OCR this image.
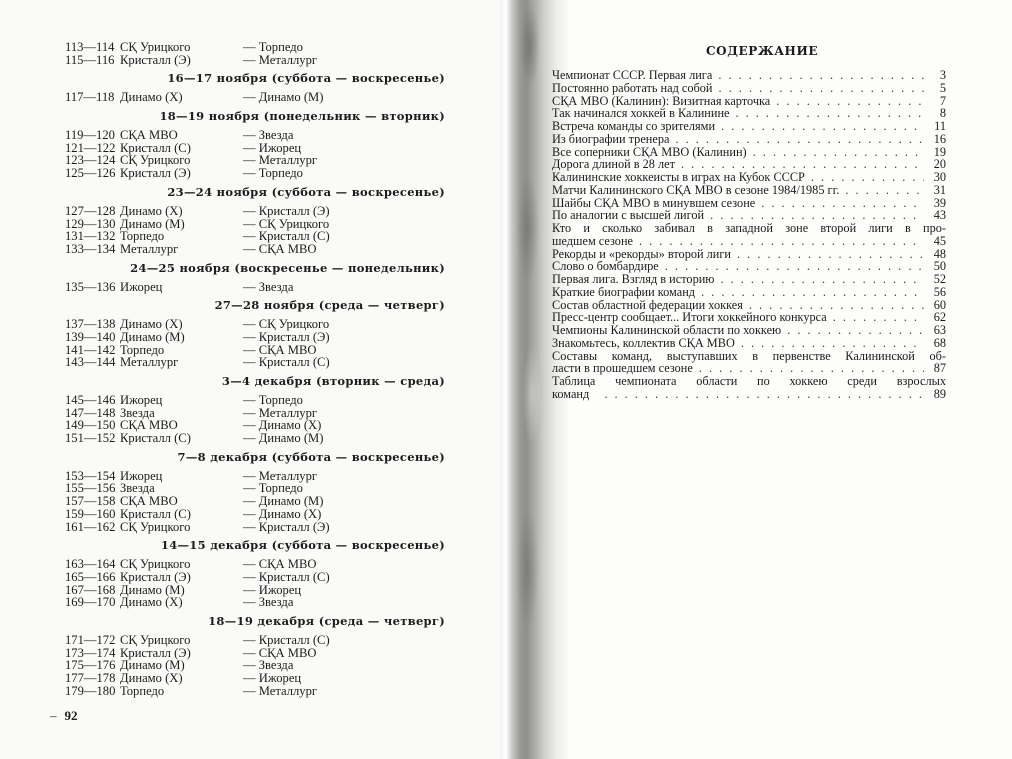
113—114 СҚ Урицкого	— Торпедо
115—116 Кристалл (Э)	— Металлург
16—17 ноября (суббота — воскресенье)
117—118 Динамо (Х)	— Динамо (М)
18—19 ноября (понедельник — вторник)
119—120 СҚА МВО	— Звезда
121—122 Кристалл (С)	— Ижорец
123—124 СҚ Урицкого	— Металлург
125—126 Кристалл (Э)	— Торпедо
23—24 ноября (суббота — воскресенье)
127—128 Динамо (Х)	— Кристалл (Э)
129—130 Динамо (М)	— СҚ Урицкого
131—132 Торпедо	— Кристалл (С)
133—134 Металлург	— СҚА МВО
24—25 ноября (воскресенье — понедельник)
135—136 Ижорец	— Звезда
27—28 ноября (среда — четверг)
137—138 Динамо (Х)	— СҚ Урицкого
139—140 Динамо (М)	— Кристалл (Э)
141—142 Торпедо	— СҚА МВО
143—144 Металлург	— Кристалл (С)
3—4 декабря (вторник — среда)
145—146 Ижорец	— Торпедо
147—148 Звезда	— Металлург
149—150 СҚА МВО	— Динамо (Х)
151—152 Кристалл (С)	— Динамо (М)
7—8 декабря (суббота — воскресенье)
153—154 Ижорец	— Металлург
155—156 Звезда	— Торпедо
157—158 СҚА МВО	— Динамо (М)
159—160 Кристалл (С)	— Динамо (Х)
161—162 СҚ Урицкого	— Кристалл (Э)
14—15 декабря (суббота — воскресенье)
163—164 СҚ Урицкого	— СҚА МВО
165—166 Кристалл (Э)	— Кристалл (С)
167—168 Динамо (М)	— Ижорец
169—170 Динамо (Х)	— Звезда
18—19 декабря (среда — четверг)
171—172 СҚ Урицкого	— Кристалл (С)
173—174 Кристалл (Э)	— СҚА МВО
175—176 Динамо (М)	— Звезда
177—178 Динамо (Х)	— Ижорец
179—180 Торпедо	— Металлург
– 92
СОДЕРЖАНИЕ
Чемпионат СССР. Первая лига . . .	3
Постоянно работать над собой . . .	5
СҚА МВО (Калинин): Визитная карточка . . .	7
Так начинался хоккей в Калинине . . .	8
Встреча команды со зрителями . . .	11
Из биографии тренера . . .	16
Все соперники СҚА МВО (Калинин) . . .	19
Дорога длиной в 28 лет . . .	20
Калининские хоккеисты в играх на Кубок СССР . . .	30
Матчи Калининского СҚА МВО в сезоне 1984/1985 гг. . . .	31
Шайбы СҚА МВО в минувшем сезоне . . .	39
По аналогии с высшей лигой . . .	43
Кто и сколько забивал в западной зоне второй лиги в про-
шедшем сезоне . . .	45
Рекорды и «рекорды» второй лиги . . .	48
Слово о бомбардире . . .	50
Первая лига. Взгляд в историю . . .	52
Краткие биографии команд . . .	56
Состав областной федерации хоккея . . .	60
Пресс-центр сообщает... Итоги хоккейного конкурса . . .	62
Чемпионы Калининской области по хоккею . . .	63
Знакомьтесь, коллектив СҚА МВО . . .	68
Составы команд, выступавших в первенстве Калининской об-
ласти в прошедшем сезоне . . .	87
Таблица чемпионата области по хоккею среди взрослых
команд . . .	89
